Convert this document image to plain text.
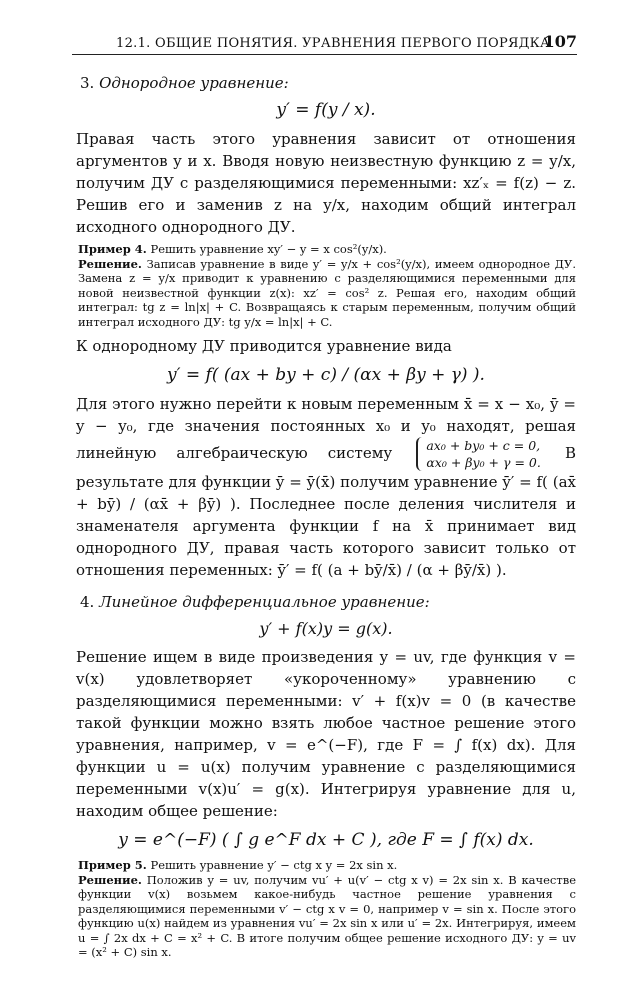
12.1. ОБЩИЕ ПОНЯТИЯ. УРАВНЕНИЯ ПЕРВОГО ПОРЯДКА
107
3. Однородное уравнение:
y′ = f(y / x).

Правая часть этого уравнения зависит от отношения аргументов y и x. Вводя новую неизвестную функцию z = y/x, получим ДУ с разделяющимися переменными: xz′ₓ = f(z) − z. Решив его и заменив z на y/x, находим общий интеграл исходного однородного ДУ.

Пример 4. Решить уравнение xy′ − y = x cos²(y/x).

Решение. Записав уравнение в виде y′ = y/x + cos²(y/x), имеем однородное ДУ. Замена z = y/x приводит к уравнению с разделяющимися переменными для новой неизвестной функции z(x): xz′ = cos² z. Решая его, находим общий интеграл: tg z = ln|x| + C. Возвращаясь к старым переменным, получим общий интеграл исходного ДУ: tg y/x = ln|x| + C.

К однородному ДУ приводится уравнение вида

y′ = f( (ax + by + c) / (αx + βy + γ) ).

Для этого нужно перейти к новым переменным x̄ = x − x₀, ȳ = y − y₀, где значения постоянных x₀ и y₀ находят, решая линейную алгебраическую систему	ax₀ + by₀ + c = 0,
αx₀ + βy₀ + γ = 0. В результате для функции ȳ = ȳ(x̄) получим уравнение ȳ′ = f( (ax̄ + bȳ) / (αx̄ + βȳ) ). Последнее после деления числителя и знаменателя аргумента функции f на x̄ принимает вид однородного ДУ, правая часть которого зависит только от отношения переменных: ȳ′ = f( (a + bȳ/x̄) / (α + βȳ/x̄) ).

4. Линейное дифференциальное уравнение:
y′ + f(x)y = g(x).

Решение ищем в виде произведения y = uv, где функция v = v(x) удовлетворяет «укороченному» уравнению с разделяющимися переменными: v′ + f(x)v = 0 (в качестве такой функции можно взять любое частное решение этого уравнения, например, v = e^(−F), где F = ∫ f(x) dx). Для функции u = u(x) получим уравнение с разделяющимися переменными v(x)u′ = g(x). Интегрируя уравнение для u, находим общее решение:

y = e^(−F) ( ∫ g e^F dx + C ), где F = ∫ f(x) dx.

Пример 5. Решить уравнение y′ − ctg x y = 2x sin x.

Решение. Положив y = uv, получим vu′ + u(v′ − ctg x v) = 2x sin x. В качестве функции v(x) возьмем какое-нибудь частное решение уравнения с разделяющимися переменными v′ − ctg x v = 0, например v = sin x. После этого функцию u(x) найдем из уравнения vu′ = 2x sin x или u′ = 2x. Интегрируя, имеем u = ∫ 2x dx + C = x² + C. В итоге получим общее решение исходного ДУ: y = uv = (x² + C) sin x.
